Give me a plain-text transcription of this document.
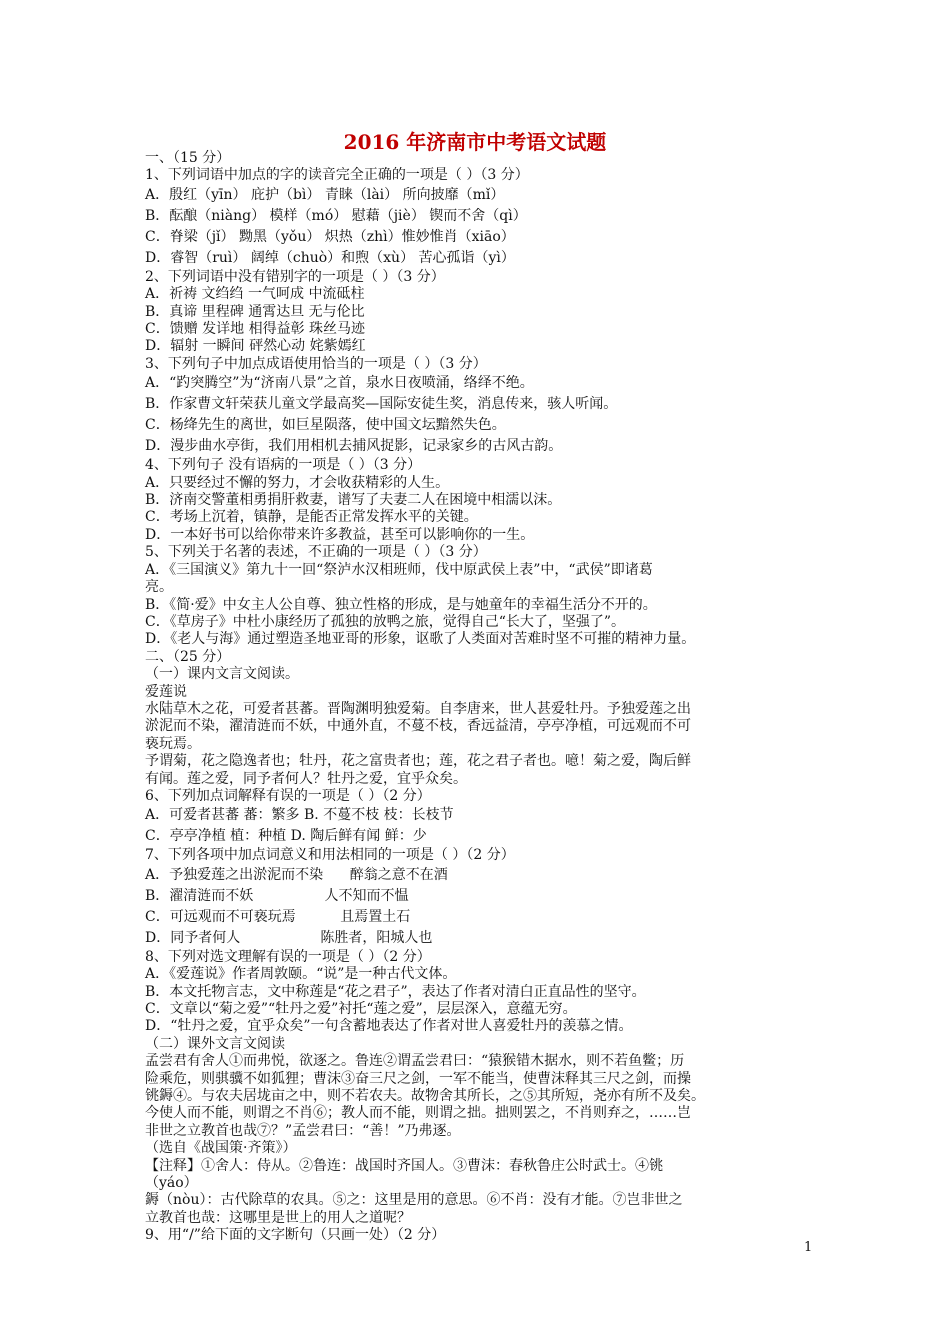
2016 年济南市中考语文试题

一、（15 分）

1、下列词语中加点的字的读音完全正确的一项是（ ）（3 分）

A．殷红（yīn） 庇护（bì） 青睐（lài） 所向披靡（mǐ）

B．酝酿（niàng） 模样（mó） 慰藉（jiè） 锲而不舍（qì）

C．脊梁（jǐ） 黝黑（yǒu） 炽热（zhì）惟妙惟肖（xiāo）

D．睿智（ruì） 阔绰（chuò）和煦（xù） 苦心孤诣（yì）

2、下列词语中没有错别字的一项是（ ）（3 分）

A．祈祷 文绉绉 一气呵成 中流砥柱

B．真谛 里程碑 通霄达旦 无与伦比

C．馈赠 发详地 相得益彰 珠丝马迹

D．辐射 一瞬间 砰然心动 姹紫嫣红

3、下列句子中加点成语使用恰当的一项是（ ）（3 分）

A．“趵突腾空”为“济南八景”之首，泉水日夜喷涌，络绎不绝。

B．作家曹文轩荣获儿童文学最高奖—国际安徒生奖，消息传来，骇人听闻。

C．杨绛先生的离世，如巨星陨落，使中国文坛黯然失色。

D．漫步曲水亭街，我们用相机去捕风捉影，记录家乡的古风古韵。

4、下列句子 没有语病的一项是（ ）（3 分）

A．只要经过不懈的努力，才会收获精彩的人生。

B．济南交警董相勇捐肝救妻，谱写了夫妻二人在困境中相濡以沫。

C．考场上沉着，镇静，是能否正常发挥水平的关键。

D．一本好书可以给你带来许多教益，甚至可以影响你的一生。

5、下列关于名著的表述，不正确的一项是（ ）（3 分）

A．《三国演义》第九十一回“祭泸水汉相班师，伐中原武侯上表”中，“武侯”即诸葛

亮。

B．《简·爱》中女主人公自尊、独立性格的形成，是与她童年的幸福生活分不开的。

C．《草房子》中杜小康经历了孤独的放鸭之旅，觉得自己“长大了，坚强了”。

D．《老人与海》通过塑造圣地亚哥的形象，讴歌了人类面对苦难时坚不可摧的精神力量。

二、（25 分）

（一）课内文言文阅读。

爱莲说

水陆草木之花，可爱者甚蕃。晋陶渊明独爱菊。自李唐来，世人甚爱牡丹。予独爱莲之出

淤泥而不染，濯清涟而不妖，中通外直，不蔓不枝，香远益清，亭亭净植，可远观而不可

亵玩焉。

予谓菊，花之隐逸者也；牡丹，花之富贵者也；莲，花之君子者也。噫！菊之爱，陶后鲜

有闻。莲之爱，同予者何人？牡丹之爱，宜乎众矣。

6、下列加点词解释有误的一项是（ ）（2 分）

A．可爱者甚蕃 蕃：繁多 B. 不蔓不枝 枝：长枝节

C．亭亭净植 植：种植 D. 陶后鲜有闻 鲜：少

7、下列各项中加点词意义和用法相同的一项是（ ）（2 分）

A．予独爱莲之出淤泥而不染      醉翁之意不在酒

B．濯清涟而不妖                人不知而不愠

C．可远观而不可亵玩焉          且焉置土石

D．同予者何人                  陈胜者，阳城人也

8、下列对选文理解有误的一项是（ ）（2 分）

A．《爱莲说》作者周敦颐。“说”是一种古代文体。

B．本文托物言志，文中称莲是“花之君子”，表达了作者对清白正直品性的坚守。

C．文章以“菊之爱”“牡丹之爱”衬托“莲之爱”，层层深入，意蕴无穷。

D．“牡丹之爱，宜乎众矣”一句含蓄地表达了作者对世人喜爱牡丹的羡慕之情。

（二）课外文言文阅读

孟尝君有舍人①而弗悦，欲逐之。鲁连②谓孟尝君曰：“猿猴错木据水，则不若鱼鳖；历

险乘危，则骐骥不如狐狸；曹沫③奋三尺之剑，一军不能当，使曹沫释其三尺之剑，而操

铫鎒④。与农夫居垅亩之中，则不若农夫。故物舍其所长，之⑤其所短，尧亦有所不及矣。

今使人而不能，则谓之不肖⑥；教人而不能，则谓之拙。拙则罢之，不肖则弃之，……岂

非世之立教首也哉⑦？”孟尝君曰：“善！”乃弗逐。

（选自《战国策·齐策》）

【注释】①舍人：侍从。②鲁连：战国时齐国人。③曹沫：春秋鲁庄公时武士。④铫

（yáo）

鎒（nòu）：古代除草的农具。⑤之：这里是用的意思。⑥不肖：没有才能。⑦岂非世之

立教首也哉：这哪里是世上的用人之道呢？

9、用“/”给下面的文字断句（只画一处）（2 分）

1
